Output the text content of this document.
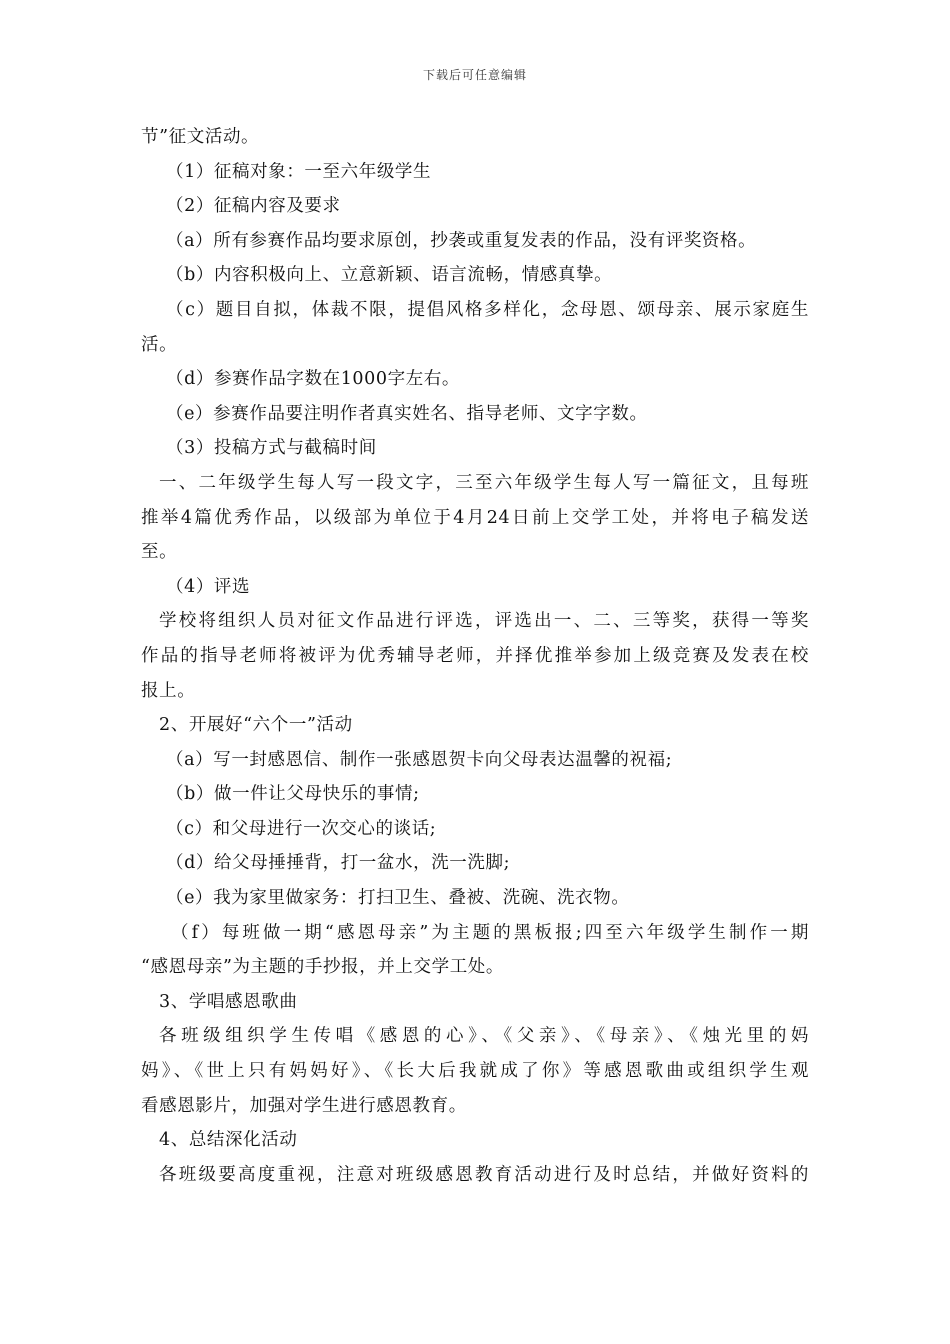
下载后可任意编辑
节”征文活动。
（1）征稿对象：一至六年级学生
（2）征稿内容及要求
（a）所有参赛作品均要求原创，抄袭或重复发表的作品，没有评奖资格。
（b）内容积极向上、立意新颖、语言流畅，情感真挚。
（c）题目自拟，体裁不限，提倡风格多样化，念母恩、颂母亲、展示家庭生
活。
（d）参赛作品字数在1000字左右。
（e）参赛作品要注明作者真实姓名、指导老师、文字字数。
（3）投稿方式与截稿时间
一、二年级学生每人写一段文字，三至六年级学生每人写一篇征文，且每班
推举4篇优秀作品，以级部为单位于4月24日前上交学工处，并将电子稿发送
至。
（4）评选
学校将组织人员对征文作品进行评选，评选出一、二、三等奖，获得一等奖
作品的指导老师将被评为优秀辅导老师，并择优推举参加上级竞赛及发表在校
报上。
2、开展好“六个一”活动
（a）写一封感恩信、制作一张感恩贺卡向父母表达温馨的祝福;
（b）做一件让父母快乐的事情;
（c）和父母进行一次交心的谈话;
（d）给父母捶捶背，打一盆水，洗一洗脚;
（e）我为家里做家务：打扫卫生、叠被、洗碗、洗衣物。
（f）每班做一期“感恩母亲”为主题的黑板报;四至六年级学生制作一期
“感恩母亲”为主题的手抄报，并上交学工处。
3、学唱感恩歌曲
各班级组织学生传唱《感恩的心》、《父亲》、《母亲》、《烛光里的妈
妈》、《世上只有妈妈好》、《长大后我就成了你》等感恩歌曲或组织学生观
看感恩影片，加强对学生进行感恩教育。
4、总结深化活动
各班级要高度重视，注意对班级感恩教育活动进行及时总结，并做好资料的
